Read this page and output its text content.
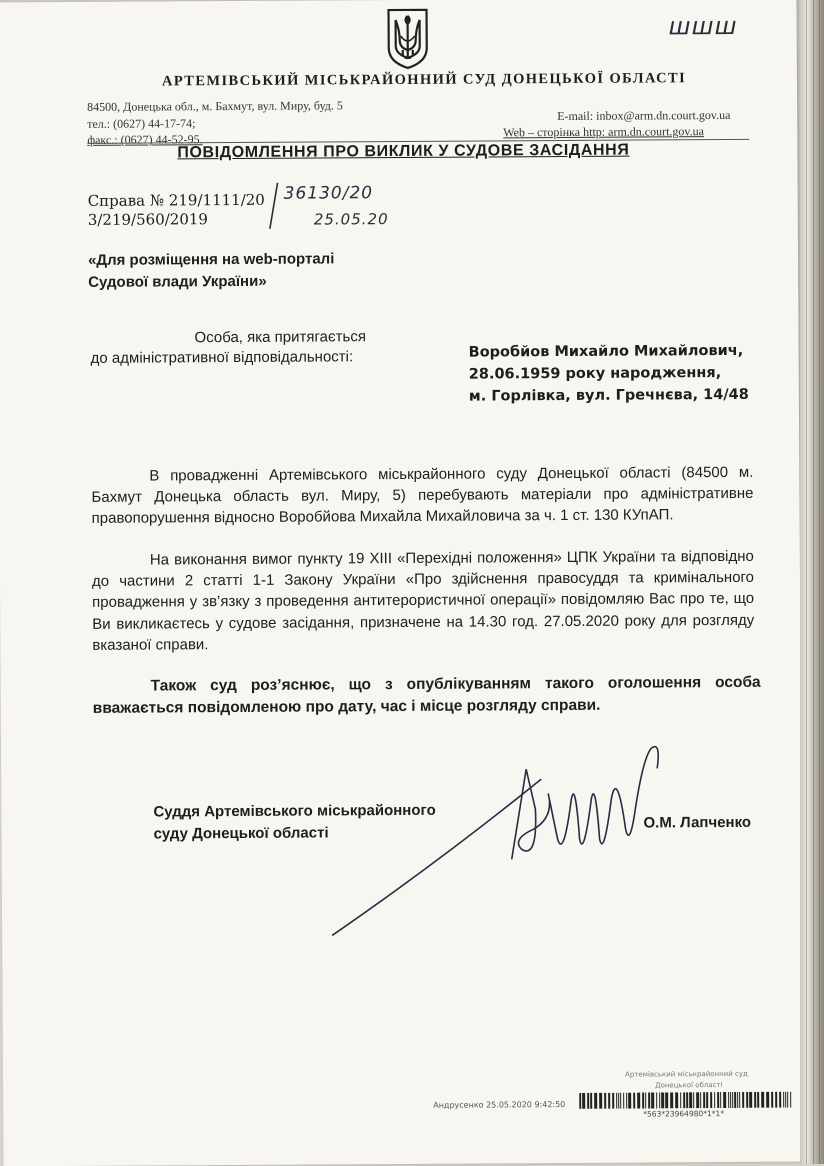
шшш
АРТЕМІВСЬКИЙ МІСЬКРАЙОННИЙ СУД ДОНЕЦЬКОЇ ОБЛАСТІ
84500, Донецька обл., м. Бахмут, вул. Миру, буд. 5
тел.: (0627) 44-17-74;
факс.: (0627) 44-52-95.
E-mail: inbox@arm.dn.court.gov.ua
Web – сторінка http: arm.dn.court.gov.ua
ПОВІДОМЛЕННЯ ПРО ВИКЛИК У СУДОВЕ ЗАСІДАННЯ
Справа № 219/1111/20
3/219/560/2019
36130/20
25.05.20
«Для розміщення на web-порталі
Судової влади України»
Особа, яка притягається
до адміністративної відповідальності:	Воробйов Михайло Михайлович,
28.06.1959 року народження,
м. Горлівка, вул. Гречнєва, 14/48
В провадженні Артемівського міськрайонного суду Донецької області (84500 м. Бахмут Донецька область вул. Миру, 5) перебувають матеріали про адміністративне правопорушення відносно Воробйова Михайла Михайловича за ч. 1 ст. 130 КУпАП.
На виконання вимог пункту 19 ХІІІ «Перехідні положення» ЦПК України та відповідно до частини 2 статті 1-1 Закону України «Про здійснення правосуддя та кримінального провадження у зв’язку з проведення антитерористичної операції» повідомляю Вас про те, що Ви викликаєтесь у судове засідання, призначене на 14.30 год. 27.05.2020 року для розгляду вказаної справи.
Також суд роз’яснює, що з опублікуванням такого оголошення особа вважається повідомленою про дату, час і місце розгляду справи.
Суддя Артемівського міськрайонного
суду Донецької області
О.М. Лапченко
Артемівський міськрайонний суд
Донецької області
Андрусенко 25.05.2020 9:42:50
*563*23964980*1*1*
